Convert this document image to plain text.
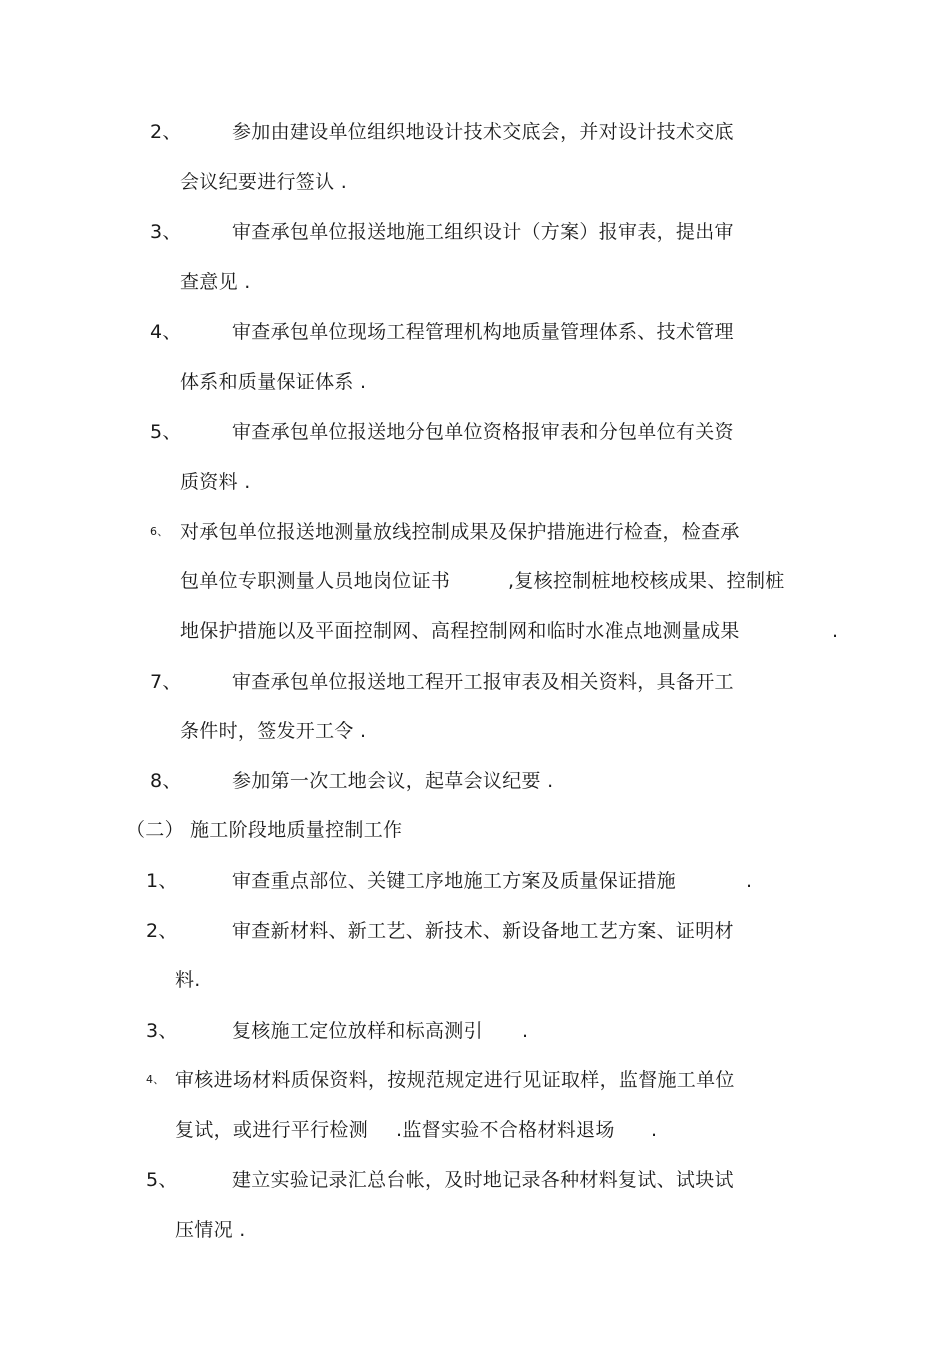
2、	参加由建设单位组织地设计技术交底会，并对设计技术交底
会议纪要进行签认 .
3、	审查承包单位报送地施工组织设计（方案）报审表，提出审
查意见 .
4、	审查承包单位现场工程管理机构地质量管理体系、技术管理
体系和质量保证体系 .
5、	审查承包单位报送地分包单位资格报审表和分包单位有关资
质资料 .
6、 对承包单位报送地测量放线控制成果及保护措施进行检查，检查承
包单位专职测量人员地岗位证书	,复核控制桩地校核成果、控制桩
地保护措施以及平面控制网、高程控制网和临时水准点地测量成果	.
7、	审查承包单位报送地工程开工报审表及相关资料，具备开工
条件时，签发开工令 .
8、	参加第一次工地会议，起草会议纪要 .
（二） 施工阶段地质量控制工作
1、	审查重点部位、关键工序地施工方案及质量保证措施	.
2、	审查新材料、新工艺、新技术、新设备地工艺方案、证明材
料.
3、	复核施工定位放样和标高测引 .
4、 审核进场材料质保资料，按规范规定进行见证取样，监督施工单位
复试，或进行平行检测 .监督实验不合格材料退场 .
5、	建立实验记录汇总台帐，及时地记录各种材料复试、试块试
压情况 .
